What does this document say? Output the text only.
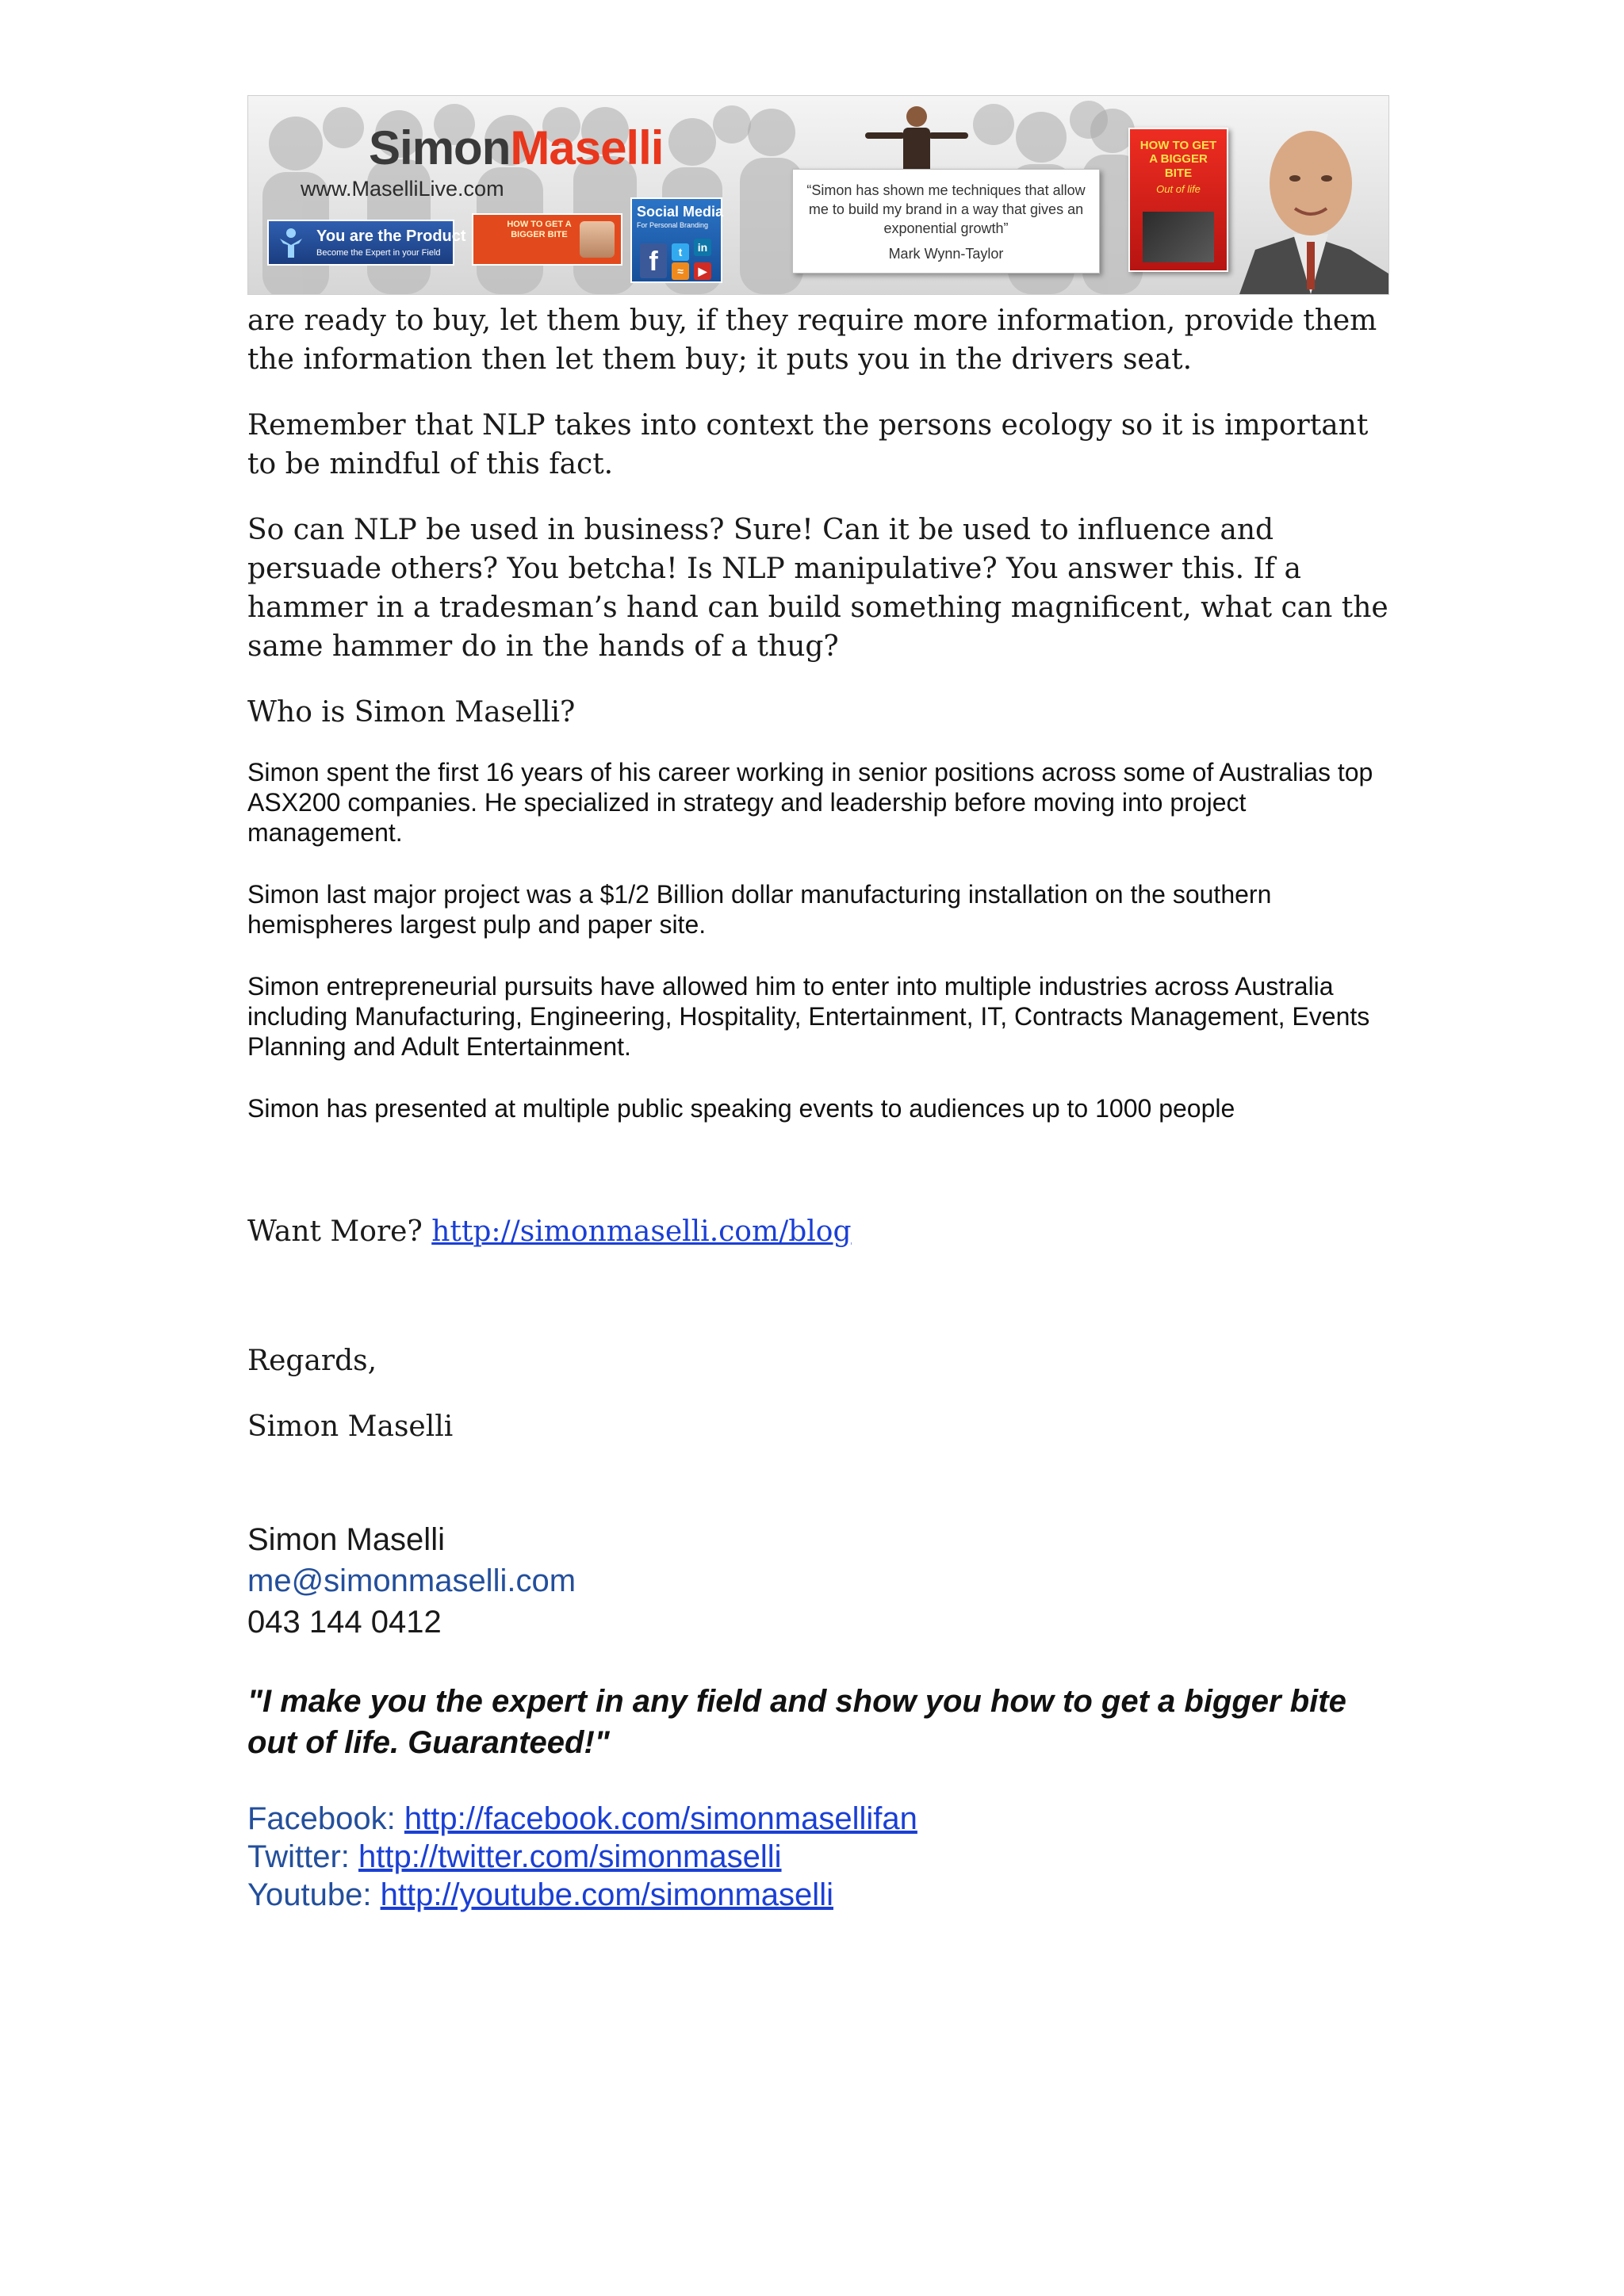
SimonMaselli
www.MaselliLive.com
You are the Product
Become the Expert in your Field
HOW TO GET A BIGGER BITE
Social Media
For Personal Branding
f	t	in
≈	▶
“Simon has shown me techniques that allow me to build my brand in a way that gives an exponential growth”
Mark Wynn-Taylor
HOW TO GET A BIGGER BITE
Out of life

are ready to buy, let them buy, if they require more information, provide them the information then let them buy; it puts you in the drivers seat.

Remember that NLP takes into context the persons ecology so it is important to be mindful of this fact.

So can NLP be used in business? Sure! Can it be used to influence and persuade others? You betcha! Is NLP manipulative? You answer this. If a hammer in a tradesman’s hand can build something magnificent, what can the same hammer do in the hands of a thug?

Who is Simon Maselli?

Simon spent the first 16 years of his career working in senior positions across some of Australias top ASX200 companies. He specialized in strategy and leadership before moving into project management.

Simon last major project was a $1/2 Billion dollar manufacturing installation on the southern hemispheres largest pulp and paper site.

Simon entrepreneurial pursuits have allowed him to enter into multiple industries across Australia including Manufacturing, Engineering, Hospitality, Entertainment, IT, Contracts Management, Events Planning and Adult Entertainment.

Simon has presented at multiple public speaking events to audiences up to 1000 people

Want More? http://simonmaselli.com/blog

Regards,

Simon Maselli

Simon Maselli
me@simonmaselli.com
043 144 0412
"I make you the expert in any field and show you how to get a bigger bite out of life. Guaranteed!"
Facebook: http://facebook.com/simonmasellifan
Twitter: http://twitter.com/simonmaselli
Youtube: http://youtube.com/simonmaselli
